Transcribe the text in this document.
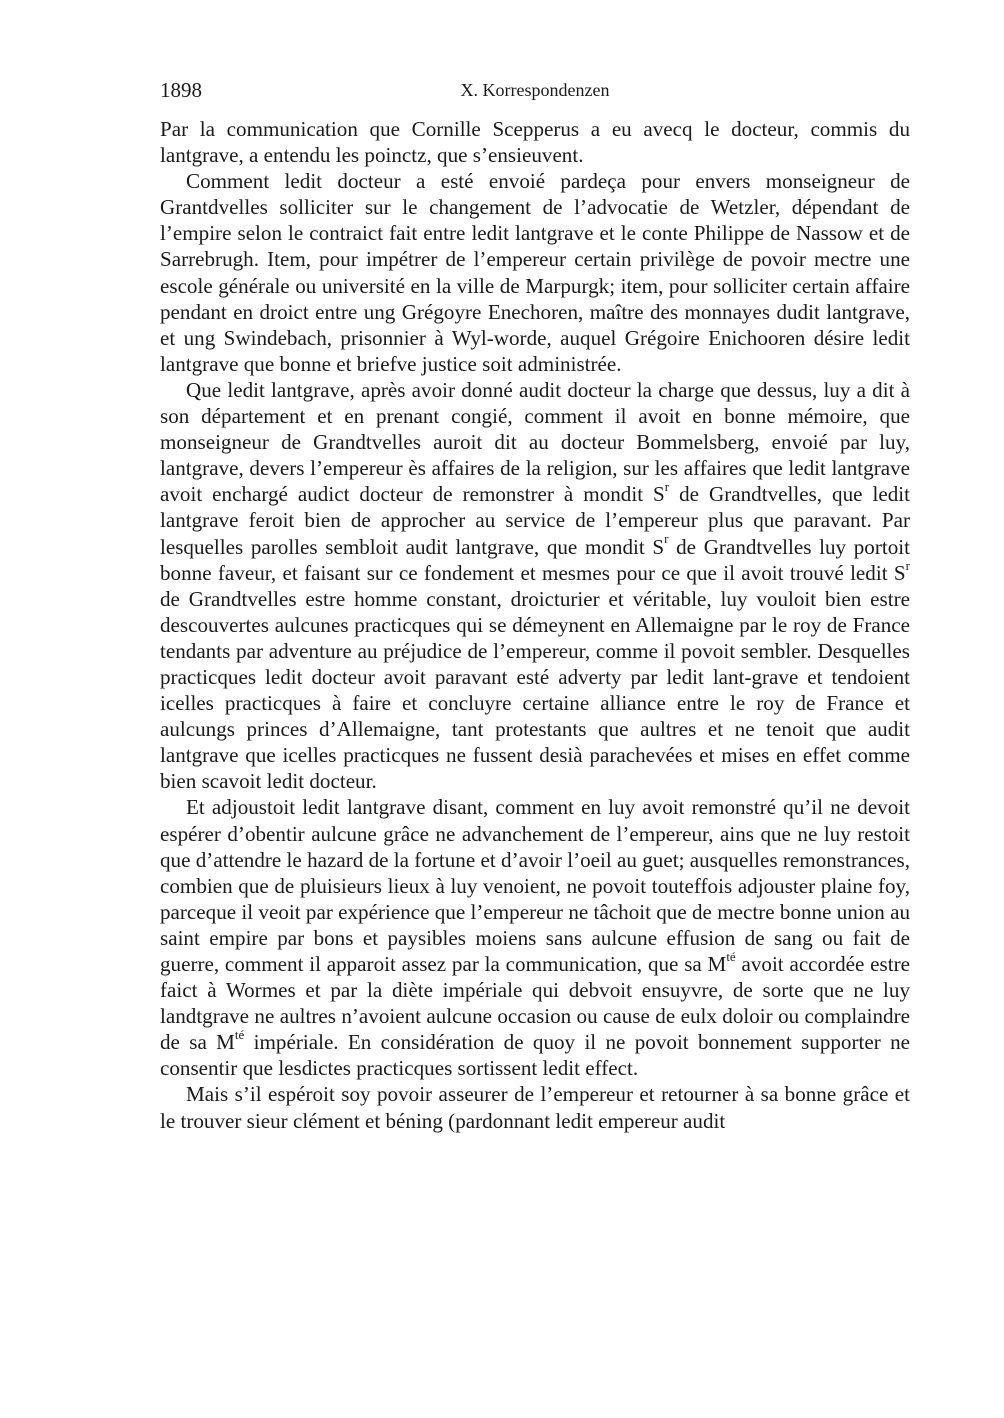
1898	X. Korrespondenzen

Par la communication que Cornille Scepperus a eu avecq le docteur, commis du lantgrave, a entendu les poinctz, que s’ensieuvent.

Comment ledit docteur a esté envoié pardeça pour envers monseigneur de Grantdvelles solliciter sur le changement de l’advocatie de Wetzler, dépendant de l’empire selon le contraict fait entre ledit lantgrave et le conte Philippe de Nassow et de Sarrebrugh. Item, pour impétrer de l’empereur certain privilège de povoir mectre une escole générale ou université en la ville de Marpurgk; item, pour solliciter certain affaire pendant en droict entre ung Grégoyre Enechoren, maître des monnayes dudit lantgrave, et ung Swindebach, prisonnier à Wyl-worde, auquel Grégoire Enichooren désire ledit lantgrave que bonne et briefve justice soit administrée.

Que ledit lantgrave, après avoir donné audit docteur la charge que dessus, luy a dit à son département et en prenant congié, comment il avoit en bonne mémoire, que monseigneur de Grandtvelles auroit dit au docteur Bommelsberg, envoié par luy, lantgrave, devers l’empereur ès affaires de la religion, sur les affaires que ledit lantgrave avoit enchargé audict docteur de remonstrer à mondit $S^r$ de Grandtvelles, que ledit lantgrave feroit bien de approcher au service de l’empereur plus que paravant. Par lesquelles parolles sembloit audit lantgrave, que mondit $S^r$ de Grandtvelles luy portoit bonne faveur, et faisant sur ce fondement et mesmes pour ce que il avoit trouvé ledit $S^r$ de Grandtvelles estre homme constant, droicturier et véritable, luy vouloit bien estre descouvertes aulcunes practicques qui se démeynent en Allemaigne par le roy de France tendants par adventure au préjudice de l’empereur, comme il povoit sembler. Desquelles practicques ledit docteur avoit paravant esté adverty par ledit lant-grave et tendoient icelles practicques à faire et concluyre certaine alliance entre le roy de France et aulcungs princes d’Allemaigne, tant protestants que aultres et ne tenoit que audit lantgrave que icelles practicques ne fussent desià parachevées et mises en effet comme bien scavoit ledit docteur.

Et adjoustoit ledit lantgrave disant, comment en luy avoit remonstré qu’il ne devoit espérer d’obentir aulcune grâce ne advanchement de l’empereur, ains que ne luy restoit que d’attendre le hazard de la fortune et d’avoir l’oeil au guet; ausquelles remonstrances, combien que de pluisieurs lieux à luy venoient, ne povoit touteffois adjouster plaine foy, parceque il veoit par expérience que l’empereur ne tâchoit que de mectre bonne union au saint empire par bons et paysibles moiens sans aulcune effusion de sang ou fait de guerre, comment il apparoit assez par la communication, que sa $M^{té}$ avoit accordée estre faict à Wormes et par la diète impériale qui debvoit ensuyvre, de sorte que ne luy landtgrave ne aultres n’avoient aulcune occasion ou cause de eulx doloir ou complaindre de sa $M^{té}$ impériale. En considération de quoy il ne povoit bonnement supporter ne consentir que lesdictes practicques sortissent ledit effect.

Mais s’il espéroit soy povoir asseurer de l’empereur et retourner à sa bonne grâce et le trouver sieur clément et béning (pardonnant ledit empereur audit
